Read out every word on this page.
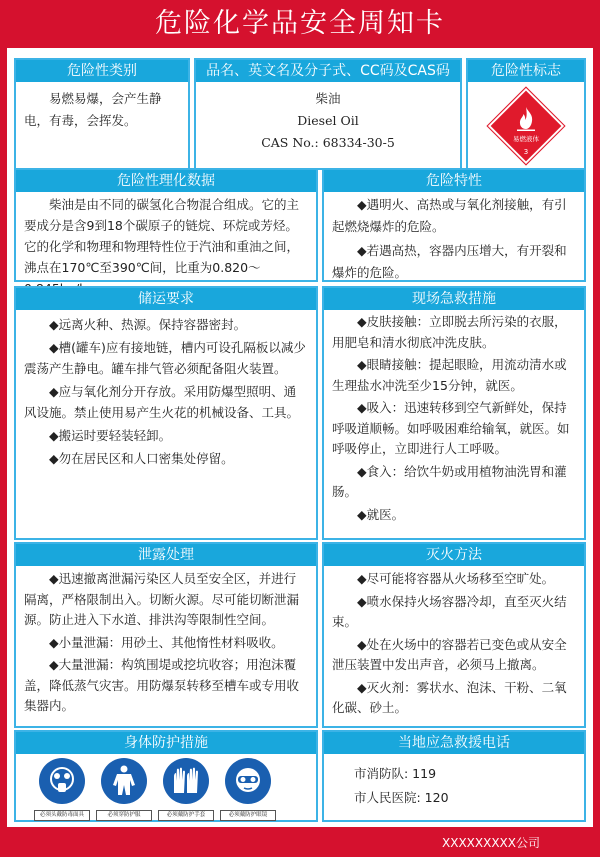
危险化学品安全周知卡
危险性类别
易燃易爆，会产生静电，有毒，会挥发。
品名、英文名及分子式、CC码及CAS码
柴油
Diesel Oil
CAS No.: 68334-30-5
危险性标志
易燃液体
3
危险性理化数据
柴油是由不同的碳氢化合物混合组成。它的主要成分是含9到18个碳原子的链烷、环烷或芳烃。它的化学和物理和物理特性位于汽油和重油之间，沸点在170℃至390℃间，比重为0.820～
危险特性
◆遇明火、高热或与氧化剂接触，有引起燃烧爆炸的危险。
◆若遇高热，容器内压增大，有开裂和爆炸的危险。
储运要求
◆远离火种、热源。保持容器密封。
◆槽(罐车)应有接地链，槽内可设孔隔板以减少震荡产生静电。罐车排气管必须配备阻火装置。
◆应与氧化剂分开存放。采用防爆型照明、通风设施。禁止使用易产生火花的机械设备、工具。
◆搬运时要轻装轻卸。
◆勿在居民区和人口密集处停留。
现场急救措施
◆皮肤接触：立即脱去所污染的衣服，用肥皂和清水彻底冲洗皮肤。
◆眼睛接触：提起眼睑，用流动清水或生理盐水冲洗至少15分钟，就医。
◆吸入：迅速转移到空气新鲜处，保持呼吸道顺畅。如呼吸困难给输氧，就医。如呼吸停止，立即进行人工呼吸。
◆食入：给饮牛奶或用植物油洗胃和灌肠。
◆就医。
泄露处理
◆迅速撤离泄漏污染区人员至安全区，并进行隔离，严格限制出入。切断火源。尽可能切断泄漏源。防止进入下水道、排洪沟等限制性空间。
◆小量泄漏：用砂土、其他惰性材料吸收。
◆大量泄漏：构筑围堤或挖坑收容；用泡沫覆盖，降低蒸气灾害。用防爆泵转移至槽车或专用收集器内。
灭火方法
◆尽可能将容器从火场移至空旷处。
◆喷水保持火场容器冷却，直至灭火结束。
◆处在火场中的容器若已变色或从安全泄压装置中发出声音，必须马上撤离。
◆灭火剂：雾状水、泡沫、干粉、二氧化碳、砂土。
身体防护措施
必须头戴防毒面具	必须穿防护服	必须戴防护手套	必须戴防护眼镜
当地应急救援电话
市消防队: 119
市人民医院: 120
XXXXXXXXX公司
